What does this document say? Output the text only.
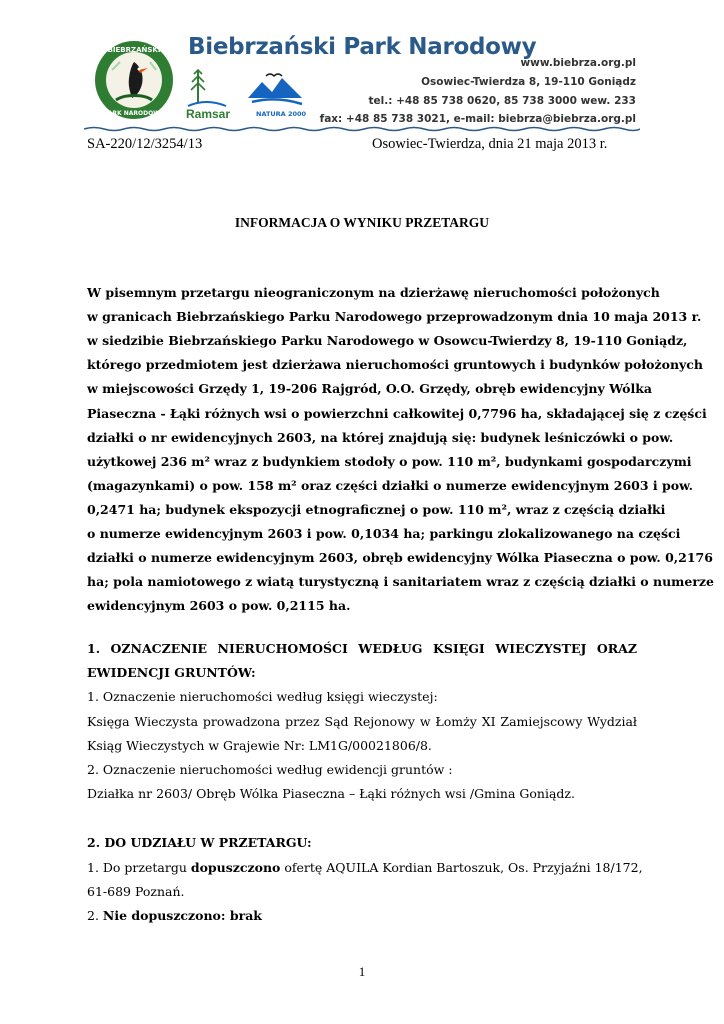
BIEBRZAŃSKI
PARK NARODOWY
Biebrzański Park Narodowy
Ramsar	NATURA 2000
www.biebrza.org.pl
Osowiec-Twierdza 8, 19-110 Goniądz
tel.: +48 85 738 0620, 85 738 3000 wew. 233
fax: +48 85 738 3021, e-mail: biebrza@biebrza.org.pl
SA-220/12/3254/13	Osowiec-Twierdza, dnia 21 maja 2013 r.
INFORMACJA O WYNIKU PRZETARGU
W pisemnym przetargu nieograniczonym na dzierżawę nieruchomości położonych
w granicach Biebrzańskiego Parku Narodowego przeprowadzonym dnia 10 maja 2013 r.
w siedzibie Biebrzańskiego Parku Narodowego w Osowcu-Twierdzy 8, 19-110 Goniądz,
którego przedmiotem jest dzierżawa nieruchomości gruntowych i budynków położonych
w miejscowości Grzędy 1, 19-206 Rajgród, O.O. Grzędy, obręb ewidencyjny Wólka
Piaseczna - Łąki różnych wsi o powierzchni całkowitej 0,7796 ha, składającej się z części
działki o nr ewidencyjnych 2603, na której znajdują się: budynek leśniczówki o pow.
użytkowej 236 m² wraz z budynkiem stodoły o pow. 110 m², budynkami gospodarczymi
(magazynkami) o pow. 158 m² oraz części działki o numerze ewidencyjnym 2603 i pow.
0,2471 ha; budynek ekspozycji etnograficznej o pow. 110 m², wraz z częścią działki
o numerze ewidencyjnym 2603 i pow. 0,1034 ha; parkingu zlokalizowanego na części
działki o numerze ewidencyjnym 2603, obręb ewidencyjny Wólka Piaseczna o pow. 0,2176
ha; pola namiotowego z wiatą turystyczną i sanitariatem wraz z częścią działki o numerze
ewidencyjnym 2603 o pow. 0,2115 ha.
1. OZNACZENIE NIERUCHOMOŚCI WEDŁUG KSIĘGI WIECZYSTEJ ORAZ
EWIDENCJI GRUNTÓW:
1. Oznaczenie nieruchomości według księgi wieczystej:
Księga Wieczysta prowadzona przez Sąd Rejonowy w Łomży XI Zamiejscowy Wydział
Ksiąg Wieczystych w Grajewie Nr: LM1G/00021806/8.
2. Oznaczenie nieruchomości według ewidencji gruntów :
Działka nr 2603/ Obręb Wólka Piaseczna – Łąki różnych wsi /Gmina Goniądz.
2. DO UDZIAŁU W PRZETARGU:
1. Do przetargu dopuszczono ofertę AQUILA Kordian Bartoszuk, Os. Przyjaźni 18/172,
61-689 Poznań.
2. Nie dopuszczono: brak
1
